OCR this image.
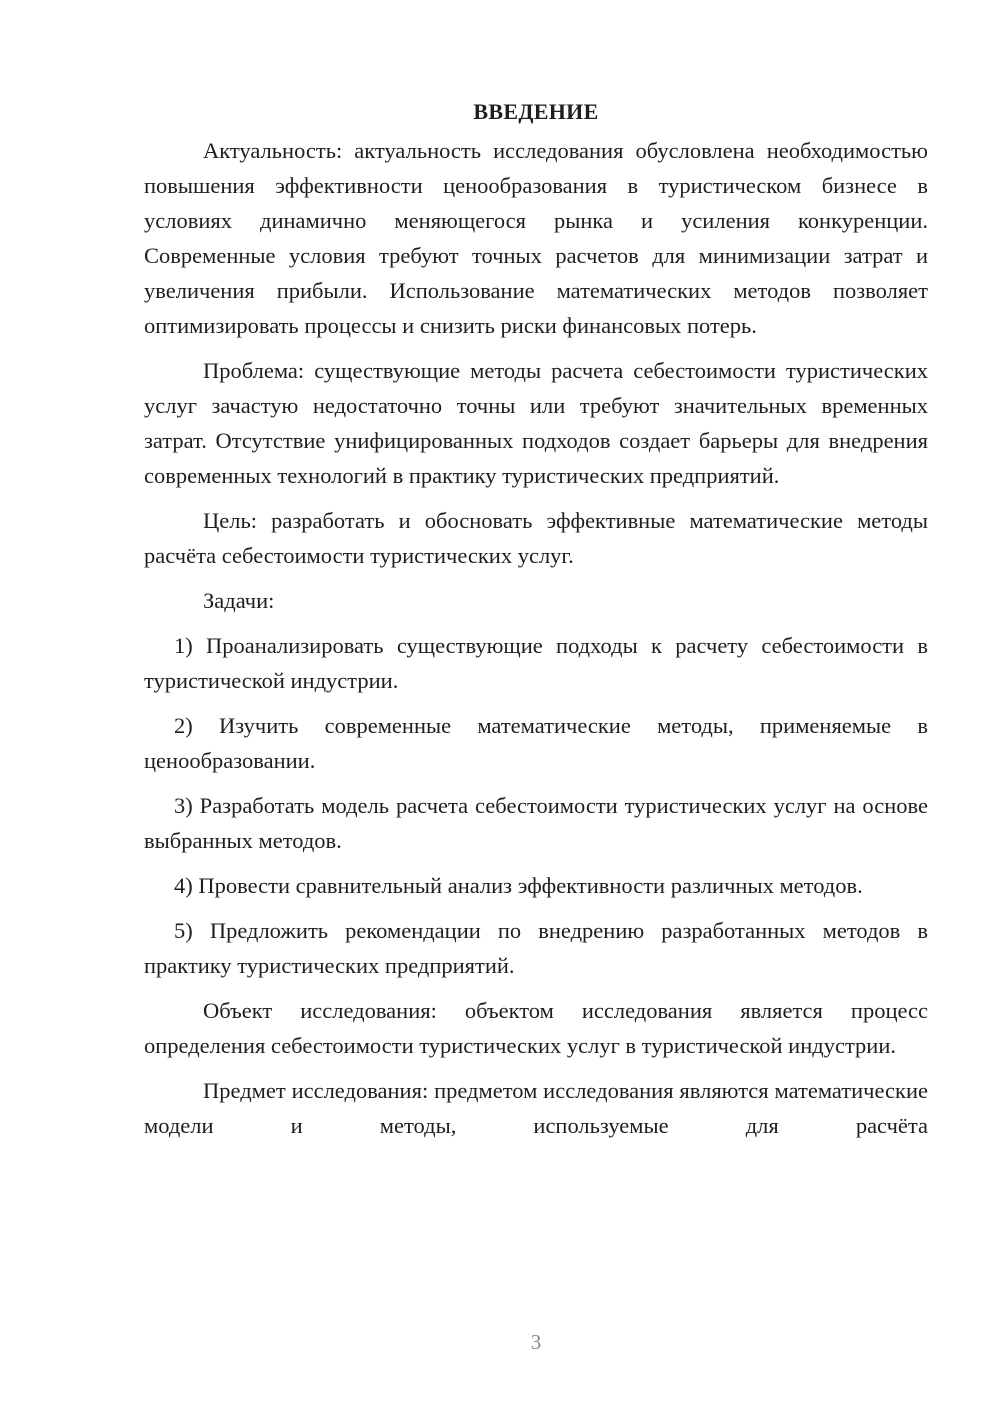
ВВЕДЕНИЕ

Актуальность: актуальность исследования обусловлена необходимостью повышения эффективности ценообразования в туристическом бизнесе в условиях динамично меняющегося рынка и усиления конкуренции. Современные условия требуют точных расчетов для минимизации затрат и увеличения прибыли. Использование математических методов позволяет оптимизировать процессы и снизить риски финансовых потерь.

Проблема: существующие методы расчета себестоимости туристических услуг зачастую недостаточно точны или требуют значительных временных затрат. Отсутствие унифицированных подходов создает барьеры для внедрения современных технологий в практику туристических предприятий.

Цель: разработать и обосновать эффективные математические методы расчёта себестоимости туристических услуг.

Задачи:

1) Проанализировать существующие подходы к расчету себестоимости в туристической индустрии.

2) Изучить современные математические методы, применяемые в ценообразовании.

3) Разработать модель расчета себестоимости туристических услуг на основе выбранных методов.

4) Провести сравнительный анализ эффективности различных методов.

5) Предложить рекомендации по внедрению разработанных методов в практику туристических предприятий.

Объект исследования: объектом исследования является процесс определения себестоимости туристических услуг в туристической индустрии.

Предмет исследования: предметом исследования являются математические модели и методы, используемые для расчёта

3
